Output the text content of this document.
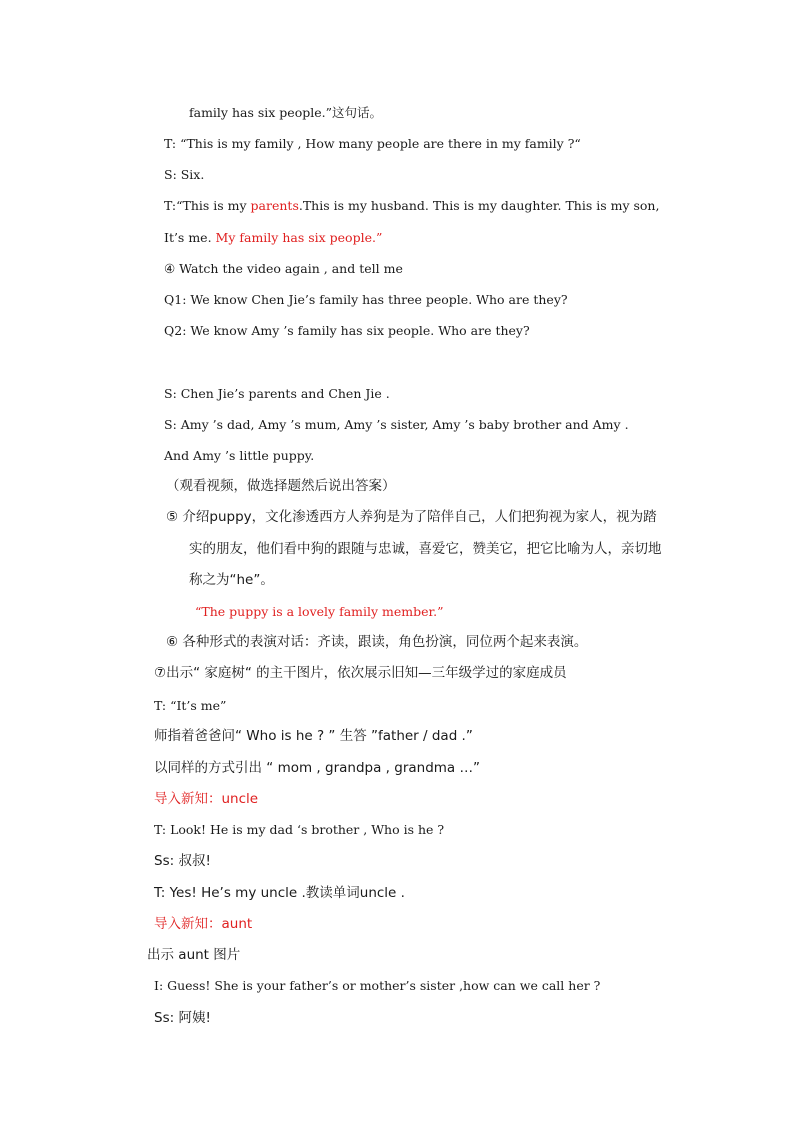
family has six people.”这句话。
T: “This is my family , How many people are there in my family ?“
S: Six.
T:“This is my parents.This is my husband. This is my daughter. This is my son,
It’s me. My family has six people.”
④ Watch the video again , and tell me
Q1: We know Chen Jie’s family has three people. Who are they?
Q2: We know Amy ’s family has six people. Who are they?
S: Chen Jie’s parents and Chen Jie .
S: Amy ’s dad, Amy ’s mum, Amy ’s sister, Amy ’s baby brother and Amy .
And Amy ’s little puppy.
（观看视频，做选择题然后说出答案）
⑤ 介绍puppy，文化渗透西方人养狗是为了陪伴自己，人们把狗视为家人，视为踏
实的朋友，他们看中狗的跟随与忠诚，喜爱它，赞美它，把它比喻为人，亲切地
称之为“he”。
“The puppy is a lovely family member.”
⑥ 各种形式的表演对话：齐读，跟读，角色扮演，同位两个起来表演。
⑦出示“ 家庭树“ 的主干图片，依次展示旧知—三年级学过的家庭成员
T: “It’s me”
师指着爸爸问“ Who is he ? ” 生答 ”father / dad .”
以同样的方式引出 “ mom , grandpa , grandma …”
导入新知：uncle
T: Look! He is my dad ‘s brother , Who is he ?
Ss: 叔叔!
T: Yes! He’s my uncle .教读单词uncle .
导入新知：aunt
出示 aunt 图片
I: Guess! She is your father’s or mother’s sister ,how can we call her ?
Ss: 阿姨!
